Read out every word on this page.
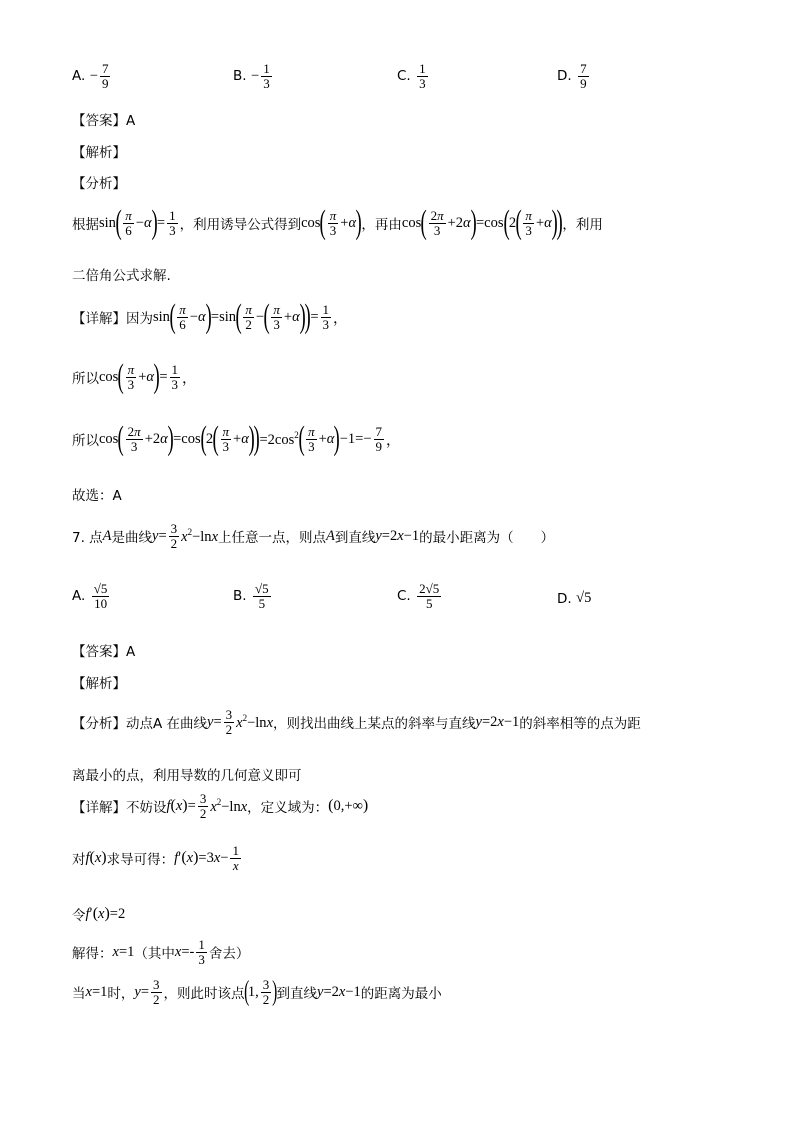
A.
− $\frac{7}{9}$	B.
− $\frac{1}{3}$	C.
$\frac{1}{3}$	D.
$\frac{7}{9}$
【答案】A
【解析】
【分析】
根据 sin ( $\frac{\pi}{6} -\alpha$ ) = $\frac{1}{3}$ ，利用诱导公式得到 cos ( $\frac{\pi}{3} +\alpha$ ) ，再由 cos ( $\frac{2\pi}{3} +2\alpha$ ) =cos ( 2 ( $\frac{\pi}{3} +\alpha$ ) ) ，利用
二倍角公式求解.
【详解】因为 sin ( $\frac{\pi}{6} -\alpha$ ) =sin ( $\frac{\pi}{2}$ − ( $\frac{\pi}{3} +\alpha$ ) ) = $\frac{1}{3}$ ，
所以 cos ( $\frac{\pi}{3} +\alpha$ ) = $\frac{1}{3}$ ，
所以 cos ( $\frac{2\pi}{3} +2\alpha$ ) =cos ( 2 ( $\frac{\pi}{3} +\alpha$ ) ) $=2\cos^2$ ( $\frac{\pi}{3} +\alpha$ ) $-1=- \frac{7}{9}$ ，
故选：A
7. 点 A 是曲线 $y = \frac{3}{2} x^2-\ln x$ 上任意一点，则点 A 到直线 y=2x−1 的最小距离为（　　）
A.
$\frac{√5}{10}$	B.
$\frac{√5}{5}$	C.
$\frac{2√5}{5}$	D.
√5
【答案】A
【解析】
【分析】动点A 在曲线 $y = \frac{3}{2} x^2-\ln x$ ，则找出曲线上某点的斜率与直线 y=2x−1 的斜率相等的点为距
离最小的点，利用导数的几何意义即可
【详解】不妨设 f ( x ) = $\frac{3}{2} x^2-\ln x$ ，定义域为： ( 0,+∞ )
对 f ( x ) 求导可得： f′ ( x ) $=3x- \frac{1}{x}$
令 f′ ( x ) =2
解得： x=1 （其中 $x=- \frac{1}{3}$ 舍去）
当 x=1 时， $y= \frac{3}{2}$ ，则此时该点 ( 1, $\frac{3}{2}$ ) 到直线 y=2x−1 的距离为最小
